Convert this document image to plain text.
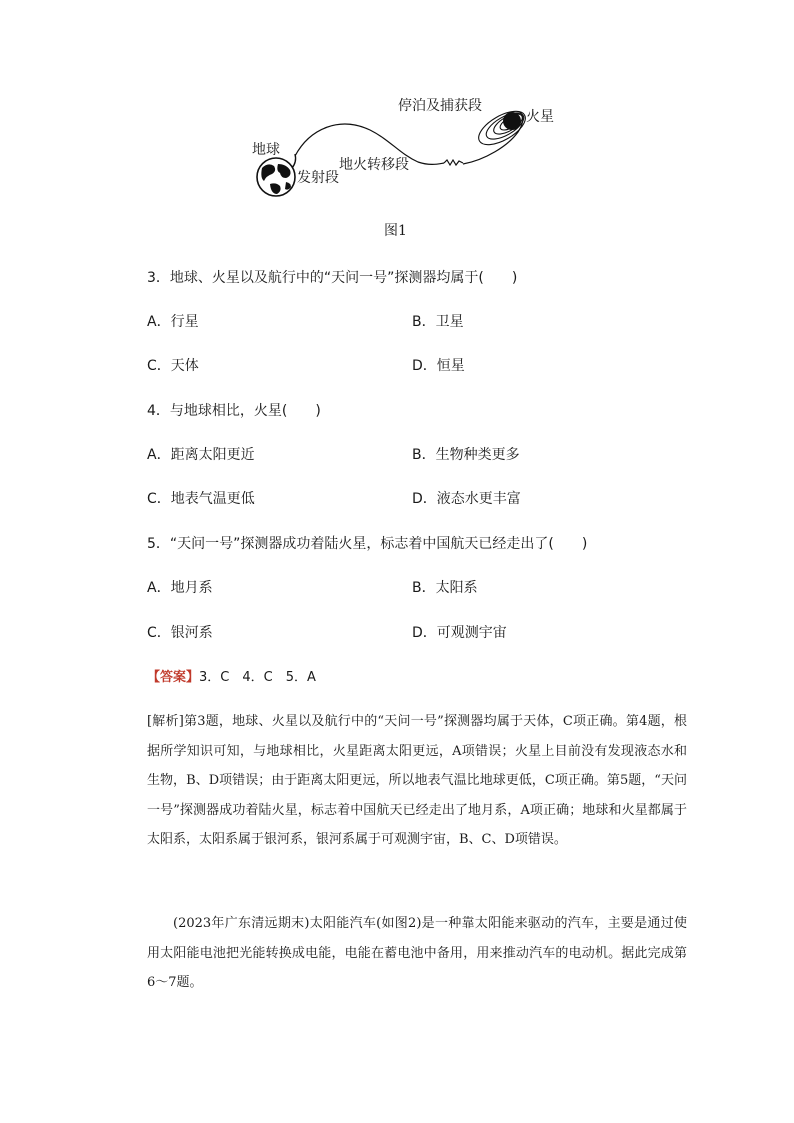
地球
发射段
地火转移段
停泊及捕获段
火星
图1
3．地球、火星以及航行中的“天问一号”探测器均属于(　　)
A．行星	B．卫星
C．天体	D．恒星
4．与地球相比，火星(　　)
A．距离太阳更近	B．生物种类更多
C．地表气温更低	D．液态水更丰富
5．“天问一号”探测器成功着陆火星，标志着中国航天已经走出了(　　)
A．地月系	B．太阳系
C．银河系	D．可观测宇宙
【答案】3．C　4．C　5．A
[解析]第3题，地球、火星以及航行中的“天问一号”探测器均属于天体，C项正确。第4题，根据所学知识可知，与地球相比，火星距离太阳更远，A项错误；火星上目前没有发现液态水和生物，B、D项错误；由于距离太阳更远，所以地表气温比地球更低，C项正确。第5题，“天问一号”探测器成功着陆火星，标志着中国航天已经走出了地月系，A项正确；地球和火星都属于太阳系，太阳系属于银河系，银河系属于可观测宇宙，B、C、D项错误。
(2023年广东清远期末)太阳能汽车(如图2)是一种靠太阳能来驱动的汽车，主要是通过使用太阳能电池把光能转换成电能，电能在蓄电池中备用，用来推动汽车的电动机。据此完成第6～7题。
